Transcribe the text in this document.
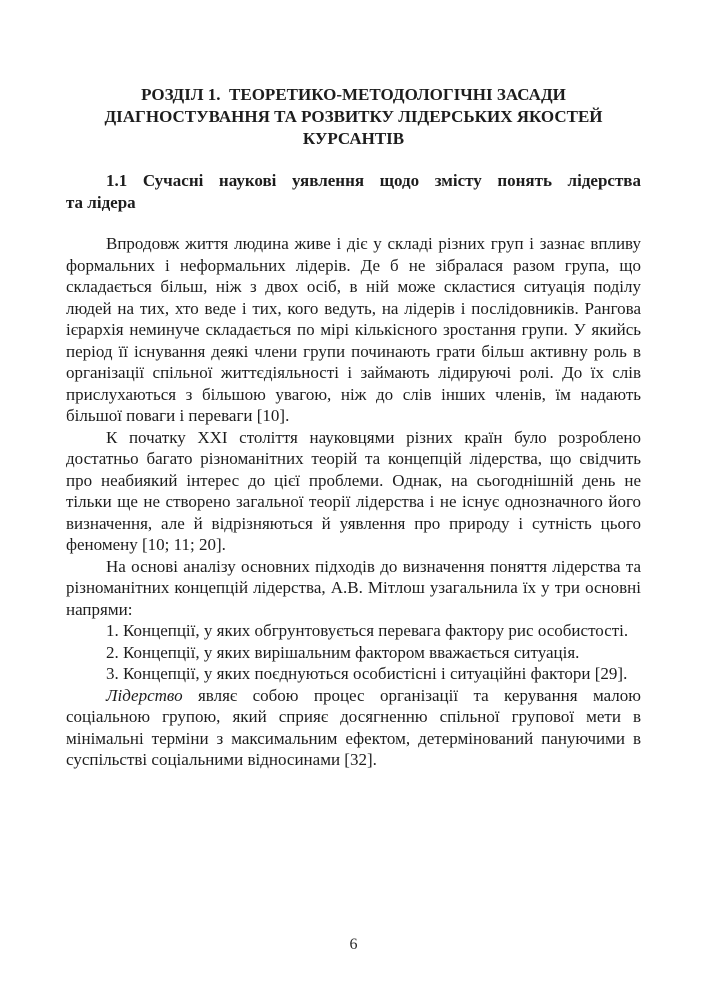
РОЗДІЛ 1.  ТЕОРЕТИКО-МЕТОДОЛОГІЧНІ ЗАСАДИ
ДІАГНОСТУВАННЯ ТА РОЗВИТКУ ЛІДЕРСЬКИХ ЯКОСТЕЙ
КУРСАНТІВ
1.1 Сучасні наукові уявлення щодо змісту понять лідерства
та лідера

Впродовж життя людина живе і діє у складі різних груп і зазнає впливу формальних і неформальних лідерів. Де б не зібралася разом група, що складається більш, ніж з двох осіб, в ній може скластися ситуація поділу людей на тих, хто веде і тих, кого ведуть, на лідерів і послідовників. Рангова ієрархія неминуче складається по мірі кількісного зростання групи. У якийсь період її існування деякі члени групи починають грати більш активну роль в організації спільної життєдіяльності і займають лідируючі ролі. До їх слів прислухаються з більшою увагою, ніж до слів інших членів, їм надають більшої поваги і переваги [10].

К початку XXI століття науковцями різних країн було розроблено достатньо багато різноманітних теорій та концепцій лідерства, що свідчить про неабиякий інтерес до цієї проблеми. Однак, на сьогоднішній день не тільки ще не створено загальної теорії лідерства і не існує однозначного його визначення, але й відрізняються й уявлення про природу і сутність цього феномену [10; 11; 20].

На основі аналізу основних підходів до визначення поняття лідерства та різноманітних концепцій лідерства, А.В. Мітлош узагальнила їх у три основні напрями:

1. Концепції, у яких обгрунтовується перевага фактору рис особистості.

2. Концепції, у яких вирішальним фактором вважається ситуація.

3. Концепції, у яких поєднуються особистісні і ситуаційні фактори [29].

Лідерство являє собою процес організації та керування малою соціальною групою, який сприяє досягненню спільної групової мети в мінімальні терміни з максимальним ефектом, детермінований пануючими в суспільстві соціальними відносинами [32].

6
